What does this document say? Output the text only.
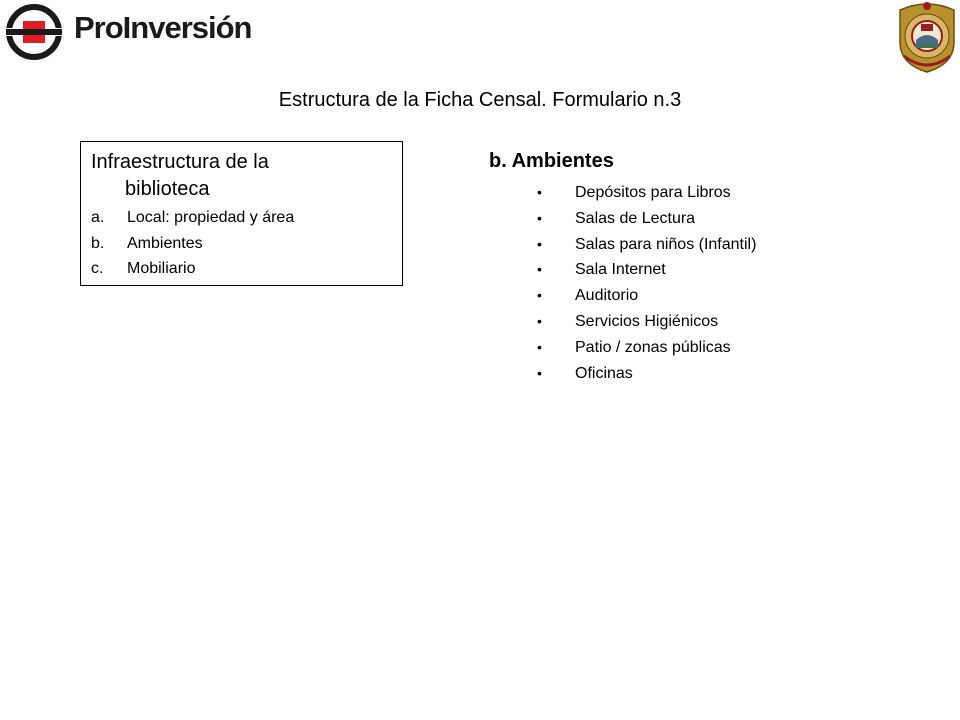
ProInversión
Estructura de la Ficha Censal. Formulario n.3
Infraestructura de la
biblioteca
a.	Local: propiedad y área
b.	Ambientes
c.	Mobiliario
b. Ambientes
•	Depósitos para Libros
•	Salas de Lectura
•	Salas para niños (Infantil)
•	Sala Internet
•	Auditorio
•	Servicios Higiénicos
•	Patio / zonas públicas
•	Oficinas
